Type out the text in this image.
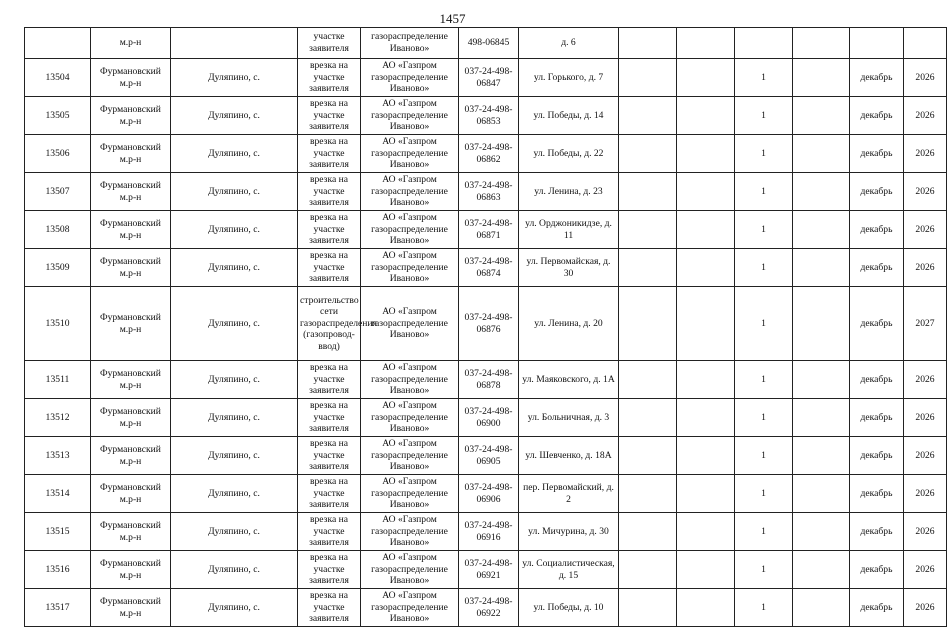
1457
	м.р-н		участке заявителя	газораспределение Иваново»	498-06845	д. 6						
13504	Фурмановский м.р-н	Дуляпино, с.	врезка на участке заявителя	АО «Газпром газораспределение Иваново»	037-24-498-06847	ул. Горького, д. 7			1		декабрь	2026
13505	Фурмановский м.р-н	Дуляпино, с.	врезка на участке заявителя	АО «Газпром газораспределение Иваново»	037-24-498-06853	ул. Победы, д. 14			1		декабрь	2026
13506	Фурмановский м.р-н	Дуляпино, с.	врезка на участке заявителя	АО «Газпром газораспределение Иваново»	037-24-498-06862	ул. Победы, д. 22			1		декабрь	2026
13507	Фурмановский м.р-н	Дуляпино, с.	врезка на участке заявителя	АО «Газпром газораспределение Иваново»	037-24-498-06863	ул. Ленина, д. 23			1		декабрь	2026
13508	Фурмановский м.р-н	Дуляпино, с.	врезка на участке заявителя	АО «Газпром газораспределение Иваново»	037-24-498-06871	ул. Орджоникидзе, д. 11			1		декабрь	2026
13509	Фурмановский м.р-н	Дуляпино, с.	врезка на участке заявителя	АО «Газпром газораспределение Иваново»	037-24-498-06874	ул. Первомайская, д. 30			1		декабрь	2026
13510	Фурмановский м.р-н	Дуляпино, с.	строительство сети газораспределения (газопровод-ввод)	АО «Газпром газораспределение Иваново»	037-24-498-06876	ул. Ленина, д. 20			1		декабрь	2027
13511	Фурмановский м.р-н	Дуляпино, с.	врезка на участке заявителя	АО «Газпром газораспределение Иваново»	037-24-498-06878	ул. Маяковского, д. 1А			1		декабрь	2026
13512	Фурмановский м.р-н	Дуляпино, с.	врезка на участке заявителя	АО «Газпром газораспределение Иваново»	037-24-498-06900	ул. Больничная, д. 3			1		декабрь	2026
13513	Фурмановский м.р-н	Дуляпино, с.	врезка на участке заявителя	АО «Газпром газораспределение Иваново»	037-24-498-06905	ул. Шевченко, д. 18А			1		декабрь	2026
13514	Фурмановский м.р-н	Дуляпино, с.	врезка на участке заявителя	АО «Газпром газораспределение Иваново»	037-24-498-06906	пер. Первомайский, д. 2			1		декабрь	2026
13515	Фурмановский м.р-н	Дуляпино, с.	врезка на участке заявителя	АО «Газпром газораспределение Иваново»	037-24-498-06916	ул. Мичурина, д. 30			1		декабрь	2026
13516	Фурмановский м.р-н	Дуляпино, с.	врезка на участке заявителя	АО «Газпром газораспределение Иваново»	037-24-498-06921	ул. Социалистическая, д. 15			1		декабрь	2026
13517	Фурмановский м.р-н	Дуляпино, с.	врезка на участке заявителя	АО «Газпром газораспределение Иваново»	037-24-498-06922	ул. Победы, д. 10			1		декабрь	2026
